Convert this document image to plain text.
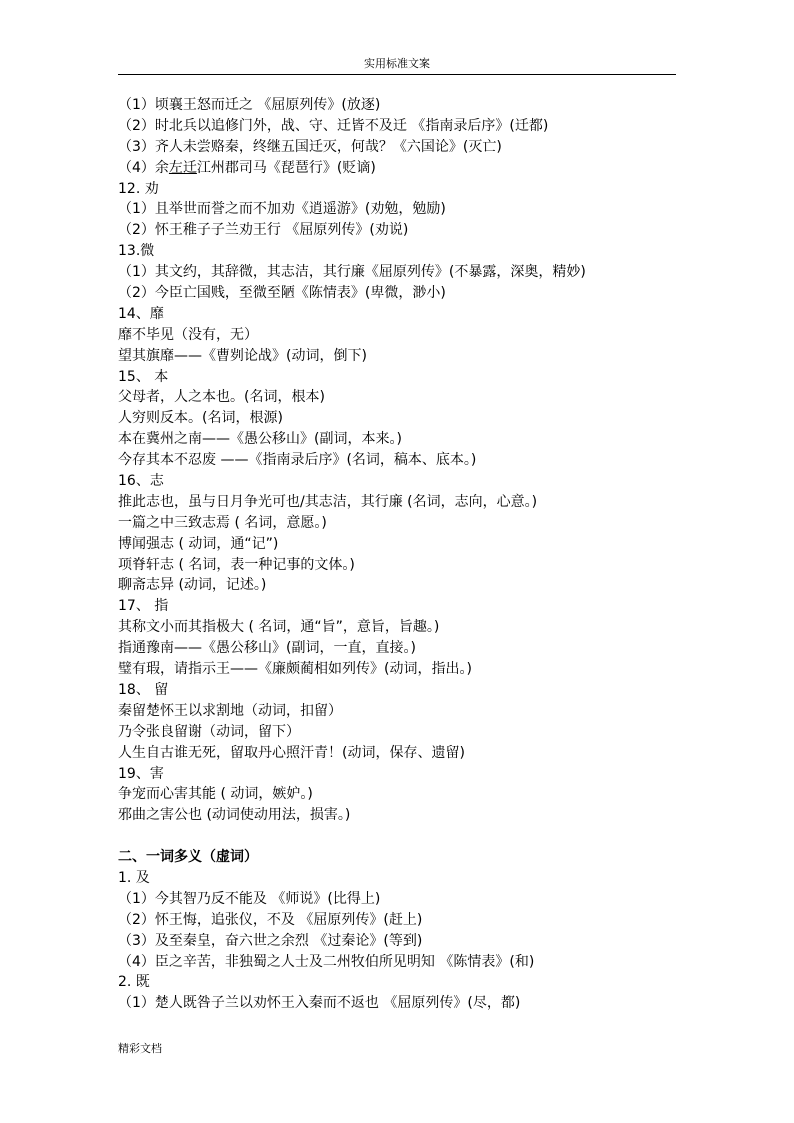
实用标准文案
（1）顷襄王怒而迁之 《屈原列传》(放逐)
（2）时北兵以追修门外，战、守、迁皆不及迁 《指南录后序》(迁都)
（3）齐人未尝赂秦，终继五国迁灭，何哉？《六国论》(灭亡)
（4）余左迁江州郡司马《琵琶行》(贬谪)
12. 劝
（1）且举世而誉之而不加劝《逍遥游》(劝勉，勉励)
（2）怀王稚子子兰劝王行 《屈原列传》(劝说)
13.微
（1）其文约，其辞微，其志洁，其行廉《屈原列传》(不暴露，深奥，精妙)
（2）今臣亡国贱，至微至陋《陈情表》(卑微，渺小)
14、靡
靡不毕见（没有，无）
望其旗靡——《曹刿论战》(动词，倒下)
15、 本
父母者，人之本也。(名词，根本)
人穷则反本。(名词，根源)
本在冀州之南——《愚公移山》(副词，本来。)
今存其本不忍废 ——《指南录后序》(名词，稿本、底本。)
16、志
推此志也，虽与日月争光可也/其志洁，其行廉 (名词，志向，心意。)
一篇之中三致志焉 ( 名词，意愿。)
博闻强志 ( 动词，通“记”)
项脊轩志 ( 名词，表一种记事的文体。)
聊斋志异 (动词，记述。)
17、 指
其称文小而其指极大 ( 名词，通“旨”，意旨，旨趣。)
指通豫南——《愚公移山》(副词，一直，直接。)
璧有瑕，请指示王——《廉颇蔺相如列传》(动词，指出。)
18、 留
秦留楚怀王以求割地（动词，扣留）
乃令张良留谢（动词，留下）
人生自古谁无死，留取丹心照汗青！(动词，保存、遗留)
19、害
争宠而心害其能 ( 动词，嫉妒。)
邪曲之害公也 (动词使动用法，损害。)
二、一词多义（虚词）
1. 及
（1）今其智乃反不能及 《师说》(比得上)
（2）怀王悔，追张仪，不及 《屈原列传》(赶上)
（3）及至秦皇，奋六世之余烈 《过秦论》(等到)
（4）臣之辛苦，非独蜀之人士及二州牧伯所见明知 《陈情表》(和)
2. 既
（1）楚人既咎子兰以劝怀王入秦而不返也 《屈原列传》(尽，都)
精彩文档
